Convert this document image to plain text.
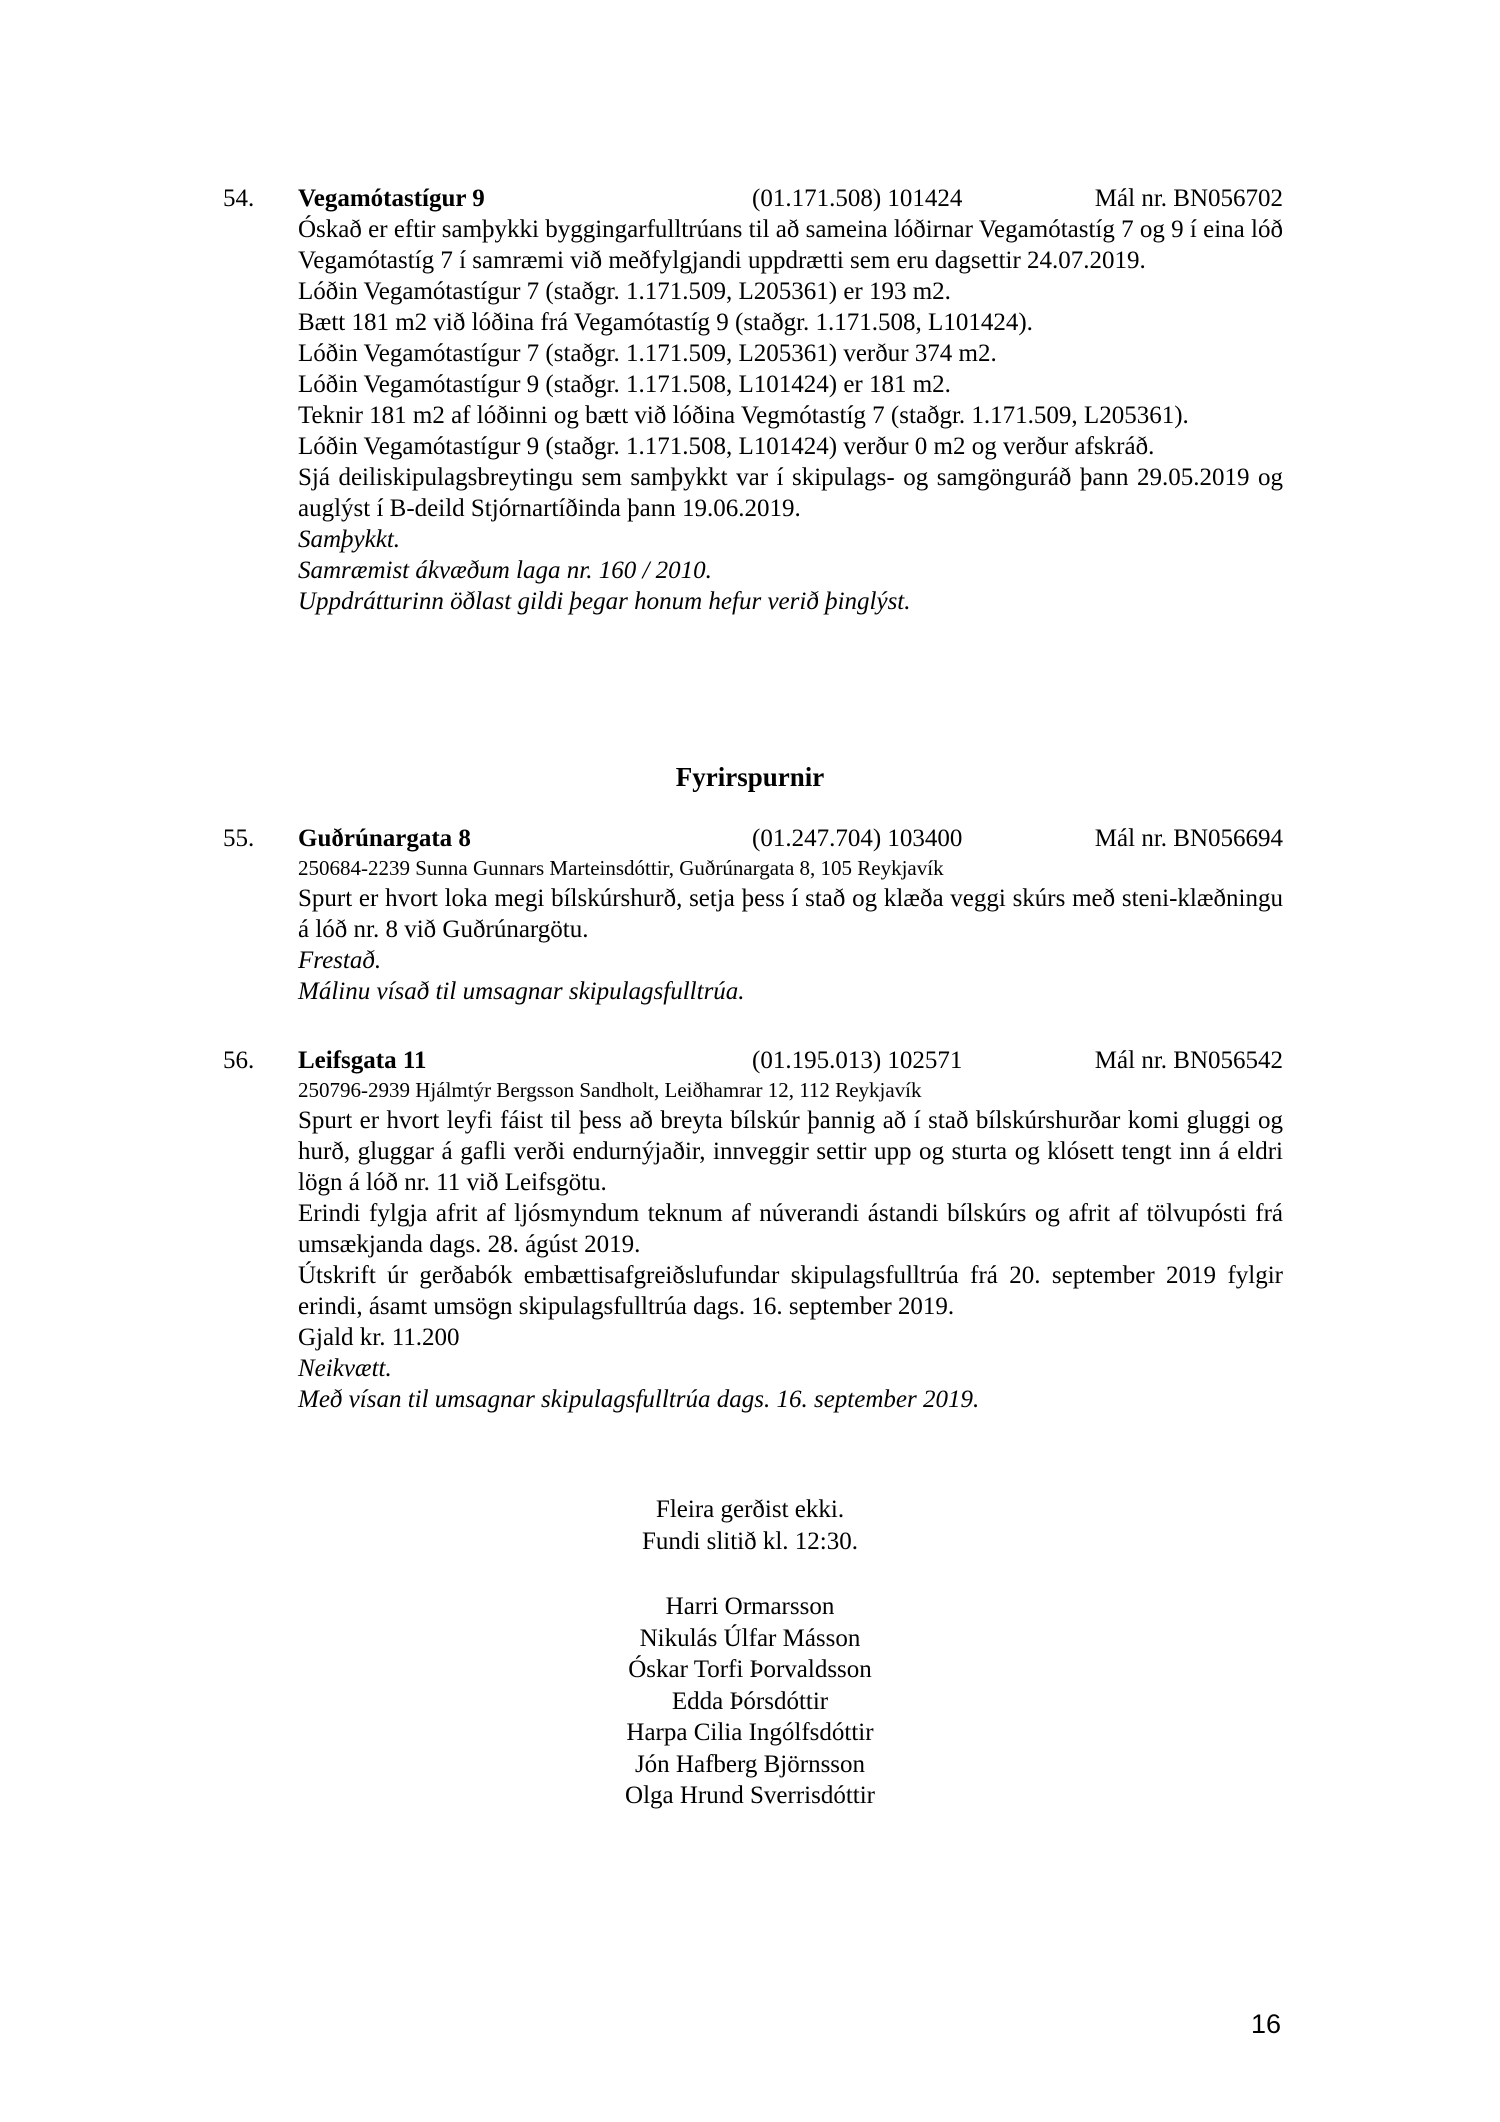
54.	Vegamótastígur 9	(01.171.508) 101424	Mál nr. BN056702
Óskað er eftir samþykki byggingarfulltrúans til að sameina lóðirnar Vegamótastíg 7 og 9 í eina lóð Vegamótastíg 7 í samræmi við meðfylgjandi uppdrætti sem eru dagsettir 24.07.2019.
Lóðin Vegamótastígur 7 (staðgr. 1.171.509, L205361) er 193 m2.
Bætt 181 m2 við lóðina frá Vegamótastíg 9 (staðgr. 1.171.508, L101424).
Lóðin Vegamótastígur 7 (staðgr. 1.171.509, L205361) verður 374 m2.
Lóðin Vegamótastígur 9 (staðgr. 1.171.508, L101424) er 181 m2.
Teknir 181 m2 af lóðinni og bætt við lóðina Vegmótastíg 7 (staðgr. 1.171.509, L205361).
Lóðin Vegamótastígur 9 (staðgr. 1.171.508, L101424) verður 0 m2 og verður afskráð.
Sjá deiliskipulagsbreytingu sem samþykkt var í skipulags- og samgönguráð þann 29.05.2019 og auglýst í B-deild Stjórnartíðinda þann 19.06.2019.
Samþykkt.
Samræmist ákvæðum laga nr. 160 / 2010.
Uppdrátturinn öðlast gildi þegar honum hefur verið þinglýst.
Fyrirspurnir
55.	Guðrúnargata 8	(01.247.704) 103400	Mál nr. BN056694
250684-2239 Sunna Gunnars Marteinsdóttir, Guðrúnargata 8, 105 Reykjavík
Spurt er hvort loka megi bílskúrshurð, setja þess í stað og klæða veggi skúrs með steni-klæðningu á lóð nr. 8 við Guðrúnargötu.
Frestað.
Málinu vísað til umsagnar skipulagsfulltrúa.
56.	Leifsgata 11	(01.195.013) 102571	Mál nr. BN056542
250796-2939 Hjálmtýr Bergsson Sandholt, Leiðhamrar 12, 112 Reykjavík
Spurt er hvort leyfi fáist til þess að breyta bílskúr þannig að í stað bílskúrshurðar komi gluggi og hurð, gluggar á gafli verði endurnýjaðir, innveggir settir upp og sturta og klósett tengt inn á eldri lögn á lóð nr. 11 við Leifsgötu.
Erindi fylgja afrit af ljósmyndum teknum af núverandi ástandi bílskúrs og afrit af tölvupósti frá umsækjanda dags. 28. ágúst 2019.
Útskrift úr gerðabók embættisafgreiðslufundar skipulagsfulltrúa frá 20. september 2019 fylgir erindi, ásamt umsögn skipulagsfulltrúa dags. 16. september 2019.
Gjald kr. 11.200
Neikvætt.
Með vísan til umsagnar skipulagsfulltrúa dags. 16. september 2019.
Fleira gerðist ekki.
Fundi slitið kl. 12:30.
Harri Ormarsson
Nikulás Úlfar Másson
Óskar Torfi Þorvaldsson
Edda Þórsdóttir
Harpa Cilia Ingólfsdóttir
Jón Hafberg Björnsson
Olga Hrund Sverrisdóttir
16
